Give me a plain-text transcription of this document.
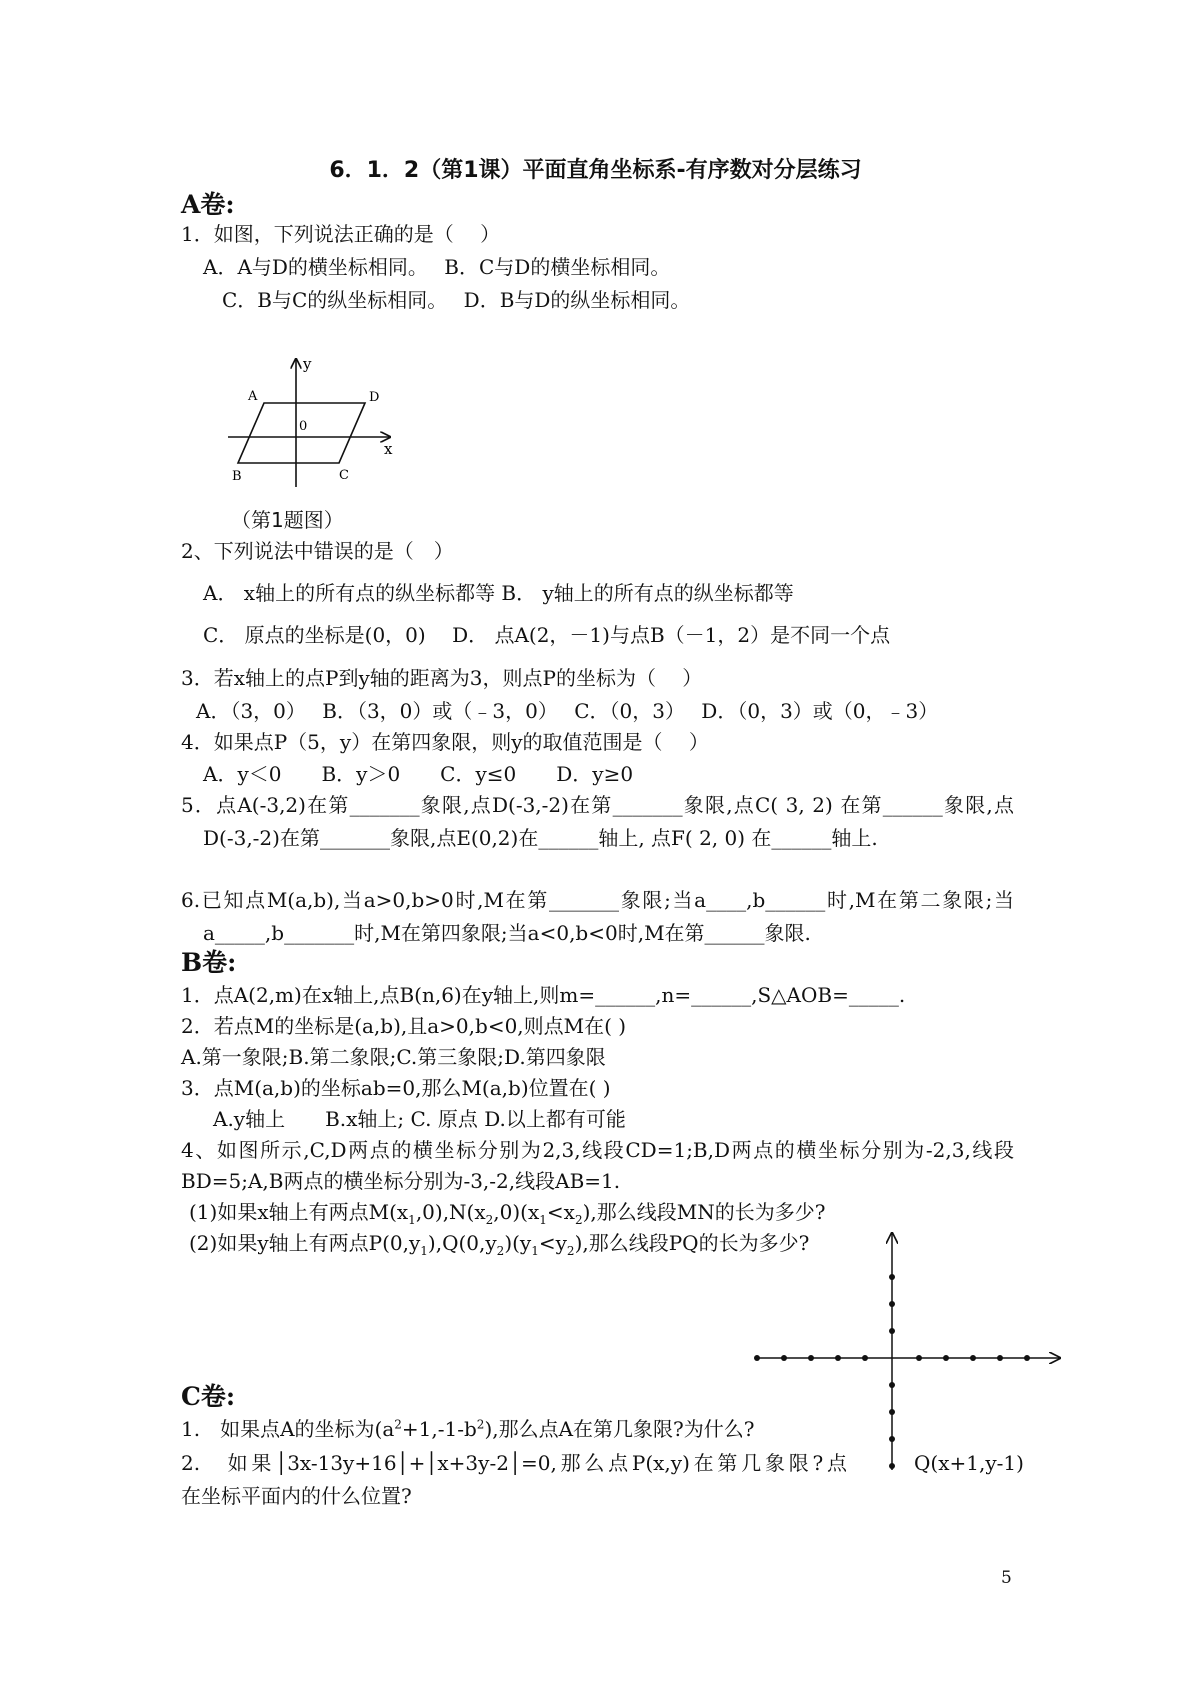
6．1．2（第1课）平面直角坐标系-有序数对分层练习
A卷:
1．如图，下列说法正确的是（　 ）
A．A与D的横坐标相同。　 B．C与D的横坐标相同。
C．B与C的纵坐标相同。　 D．B与D的纵坐标相同。
y
x
A	D
0
B	C
（第1题图）
2、下列说法中错误的是（　）
A． x轴上的所有点的纵坐标都等 B． y轴上的所有点的纵坐标都等
C． 原点的坐标是(0，0)　 D． 点A(2，－1)与点B（－1，2）是不同一个点
3．若x轴上的点P到y轴的距离为3，则点P的坐标为（　 ）
A．（3，0）　 B．（3，0）或（﹣3，0）　 C．（0，3）　 D．（0，3）或（0，﹣3）
4．如果点P（5，y）在第四象限，则y的取值范围是（　 ）
A．y＜0　　B．y＞0　　C．y≤0　　D．y≥0
5．点A(-3,2)在第_______象限,点D(-3,-2)在第_______象限,点C( 3, 2) 在第______象限,点
D(-3,-2)在第_______象限,点E(0,2)在______轴上, 点F( 2, 0) 在______轴上.
6.已知点M(a,b),当a>0,b>0时,M在第_______象限;当a____,b______时,M在第二象限;当
a_____,b_______时,M在第四象限;当a<0,b<0时,M在第______象限.
B卷:
1．点A(2,m)在x轴上,点B(n,6)在y轴上,则m=______,n=______,S△AOB=_____.
2．若点M的坐标是(a,b),且a>0,b<0,则点M在( )
A.第一象限;B.第二象限;C.第三象限;D.第四象限
3．点M(a,b)的坐标ab=0,那么M(a,b)位置在( )
A.y轴上　　B.x轴上; C. 原点 D.以上都有可能
4、如图所示,C,D两点的横坐标分别为2,3,线段CD=1;B,D两点的横坐标分别为-2,3,线段
BD=5;A,B两点的横坐标分别为-3,-2,线段AB=1.
(1)如果x轴上有两点$M(x_1,0),N(x_2,0)(x_1<x_2)$,那么线段MN的长为多少?
(2)如果y轴上有两点$P(0,y_1),Q(0,y_2)(y_1<y_2)$,那么线段PQ的长为多少?
C卷:
1.　如果点A的坐标为$(a^2+1,-1-b^2)$,那么点A在第几象限?为什么?
2.　如果│3x-13y+16│+│x+3y-2│=0,那么点P(x,y)在第几象限?点	Q(x+1,y-1)
在坐标平面内的什么位置?
5
